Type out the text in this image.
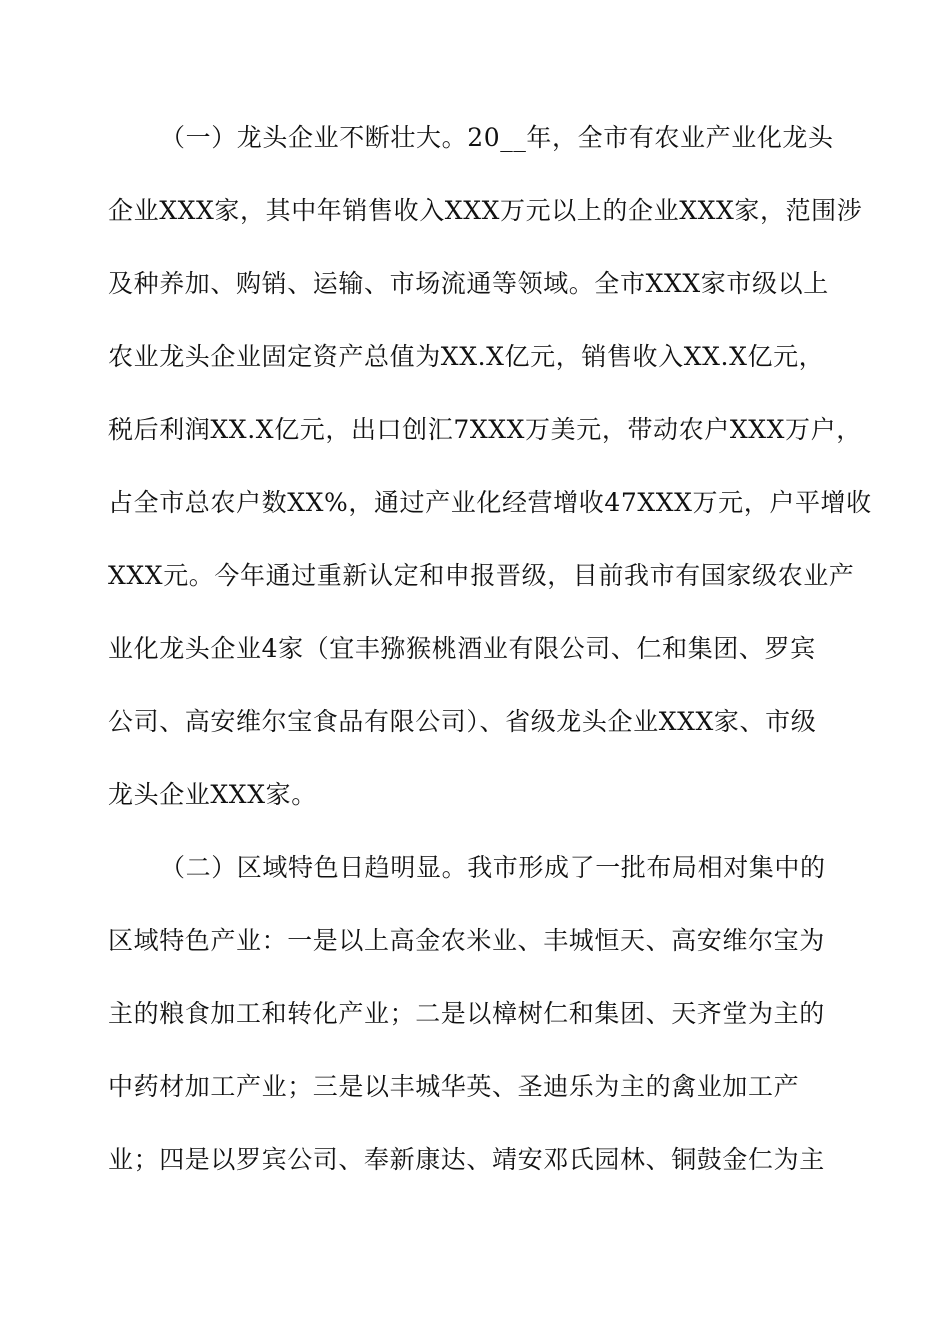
（一）龙头企业不断壮大。20__年，全市有农业产业化龙头
企业XXX家，其中年销售收入XXX万元以上的企业XXX家，范围涉
及种养加、购销、运输、市场流通等领域。全市XXX家市级以上
农业龙头企业固定资产总值为XX.X亿元，销售收入XX.X亿元，
税后利润XX.X亿元，出口创汇7XXX万美元，带动农户XXX万户，
占全市总农户数XX%，通过产业化经营增收47XXX万元，户平增收
XXX元。今年通过重新认定和申报晋级，目前我市有国家级农业产
业化龙头企业4家（宜丰猕猴桃酒业有限公司、仁和集团、罗宾
公司、高安维尔宝食品有限公司）、省级龙头企业XXX家、市级
龙头企业XXX家。
（二）区域特色日趋明显。我市形成了一批布局相对集中的
区域特色产业：一是以上高金农米业、丰城恒天、高安维尔宝为
主的粮食加工和转化产业；二是以樟树仁和集团、天齐堂为主的
中药材加工产业；三是以丰城华英、圣迪乐为主的禽业加工产
业；四是以罗宾公司、奉新康达、靖安邓氏园林、铜鼓金仁为主
